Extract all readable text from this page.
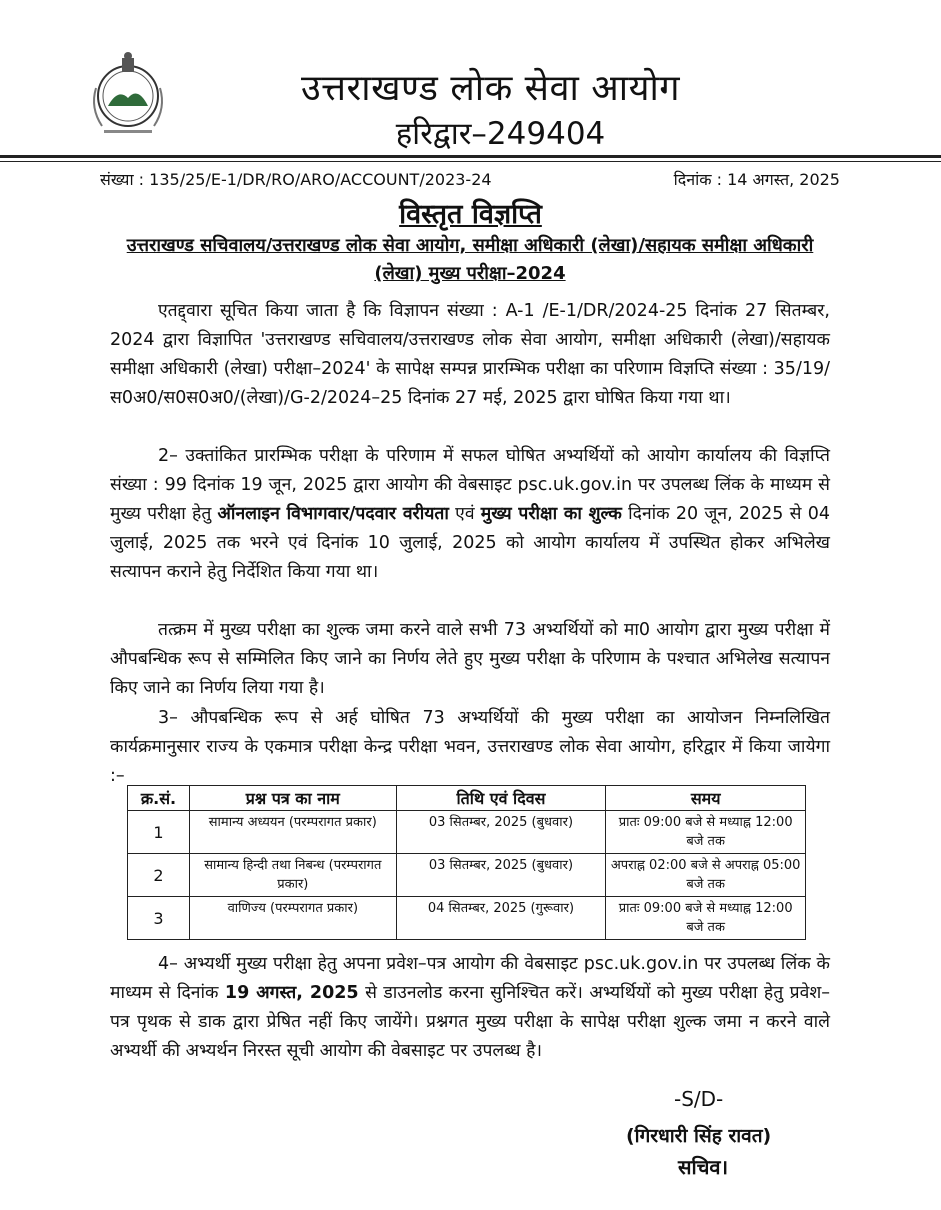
उत्तराखण्ड लोक सेवा आयोग
हरिद्वार–249404
संख्या : 135/25/E-1/DR/RO/ARO/ACCOUNT/2023-24	दिनांक : 14 अगस्त, 2025
विस्तृत विज्ञप्ति
उत्तराखण्ड सचिवालय/उत्तराखण्ड लोक सेवा आयोग, समीक्षा अधिकारी (लेखा)/सहायक समीक्षा अधिकारी (लेखा) मुख्य परीक्षा–2024
एतद्द्वारा सूचित किया जाता है कि विज्ञापन संख्या : A-1 /E-1/DR/2024-25 दिनांक 27 सितम्बर, 2024 द्वारा विज्ञापित 'उत्तराखण्ड सचिवालय/उत्तराखण्ड लोक सेवा आयोग, समीक्षा अधिकारी (लेखा)/सहायक समीक्षा अधिकारी (लेखा) परीक्षा–2024' के सापेक्ष सम्पन्न प्रारम्भिक परीक्षा का परिणाम विज्ञप्ति संख्या : 35/19/स0अ0/स0स0अ0/(लेखा)/G-2/2024–25 दिनांक 27 मई, 2025 द्वारा घोषित किया गया था।
2– उक्तांकित प्रारम्भिक परीक्षा के परिणाम में सफल घोषित अभ्यर्थियों को आयोग कार्यालय की विज्ञप्ति संख्या : 99 दिनांक 19 जून, 2025 द्वारा आयोग की वेबसाइट psc.uk.gov.in पर उपलब्ध लिंक के माध्यम से मुख्य परीक्षा हेतु ऑनलाइन विभागवार/पदवार वरीयता एवं मुख्य परीक्षा का शुल्क दिनांक 20 जून, 2025 से 04 जुलाई, 2025 तक भरने एवं दिनांक 10 जुलाई, 2025 को आयोग कार्यालय में उपस्थित होकर अभिलेख सत्यापन कराने हेतु निर्देशित किया गया था।
तत्क्रम में मुख्य परीक्षा का शुल्क जमा करने वाले सभी 73 अभ्यर्थियों को मा0 आयोग द्वारा मुख्य परीक्षा में औपबन्धिक रूप से सम्मिलित किए जाने का निर्णय लेते हुए मुख्य परीक्षा के परिणाम के पश्चात अभिलेख सत्यापन किए जाने का निर्णय लिया गया है।
3– औपबन्धिक रूप से अर्ह घोषित 73 अभ्यर्थियों की मुख्य परीक्षा का आयोजन निम्नलिखित कार्यक्रमानुसार राज्य के एकमात्र परीक्षा केन्द्र परीक्षा भवन, उत्तराखण्ड लोक सेवा आयोग, हरिद्वार में किया जायेगा :–
क्र.सं.	प्रश्न पत्र का नाम	तिथि एवं दिवस	समय
1	सामान्य अध्ययन (परम्परागत प्रकार)	03 सितम्बर, 2025 (बुधवार)	प्रातः 09:00 बजे से मध्याह्न 12:00 बजे तक
2	सामान्य हिन्दी तथा निबन्ध (परम्परागत प्रकार)	03 सितम्बर, 2025 (बुधवार)	अपराह्न 02:00 बजे से अपराह्न 05:00 बजे तक
3	वाणिज्य (परम्परागत प्रकार)	04 सितम्बर, 2025 (गुरूवार)	प्रातः 09:00 बजे से मध्याह्न 12:00 बजे तक
4– अभ्यर्थी मुख्य परीक्षा हेतु अपना प्रवेश–पत्र आयोग की वेबसाइट psc.uk.gov.in पर उपलब्ध लिंक के माध्यम से दिनांक 19 अगस्त, 2025 से डाउनलोड करना सुनिश्चित करें। अभ्यर्थियों को मुख्य परीक्षा हेतु प्रवेश–पत्र पृथक से डाक द्वारा प्रेषित नहीं किए जायेंगे। प्रश्नगत मुख्य परीक्षा के सापेक्ष परीक्षा शुल्क जमा न करने वाले अभ्यर्थी की अभ्यर्थन निरस्त सूची आयोग की वेबसाइट पर उपलब्ध है।
-S/D-
(गिरधारी सिंह रावत)
सचिव।
